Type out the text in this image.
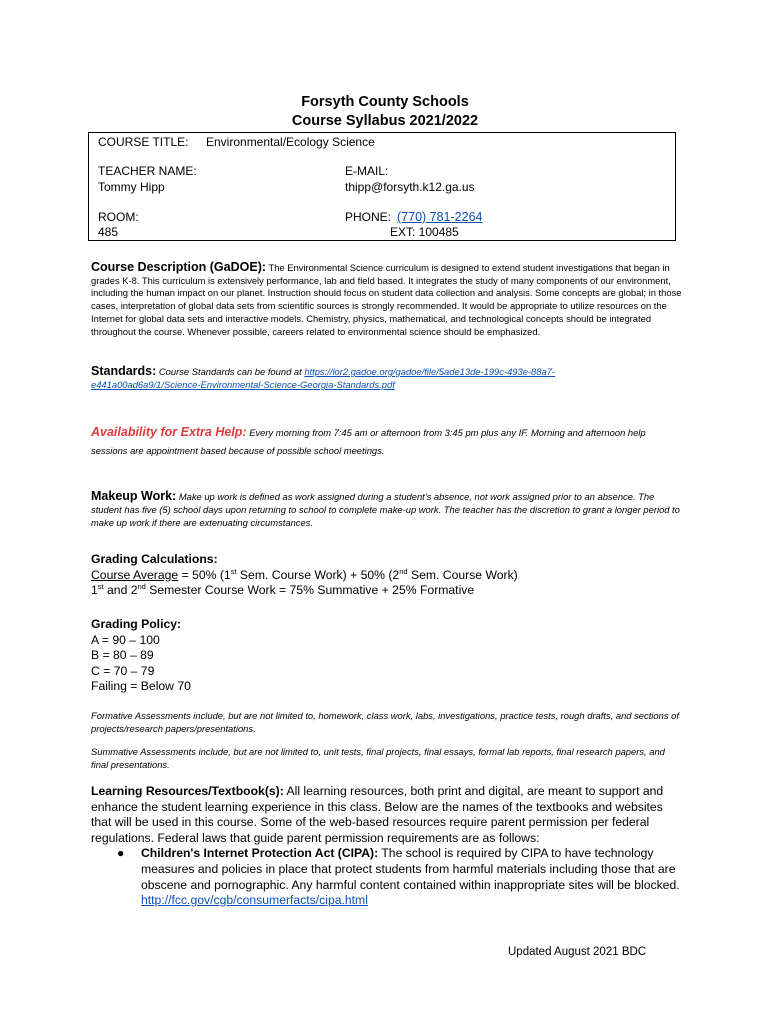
Forsyth County Schools
Course Syllabus 2021/2022
COURSE TITLE: Environmental/Ecology Science
TEACHER NAME:
Tommy Hipp
E-MAIL:
thipp@forsyth.k12.ga.us
ROOM:
485
PHONE: (770) 781-2264
EXT: 100485
Course Description (GaDOE): The Environmental Science curriculum is designed to extend student investigations that began in grades K-8. This curriculum is extensively performance, lab and field based. It integrates the study of many components of our environment, including the human impact on our planet. Instruction should focus on student data collection and analysis. Some concepts are global; in those cases, interpretation of global data sets from scientific sources is strongly recommended. It would be appropriate to utilize resources on the Internet for global data sets and interactive models. Chemistry, physics, mathematical, and technological concepts should be integrated throughout the course. Whenever possible, careers related to environmental science should be emphasized.
Standards: Course Standards can be found at https://lor2.gadoe.org/gadoe/file/5ade13de-199c-493e-88a7-
e441a00ad6a9/1/Science-Environmental-Science-Georgia-Standards.pdf
Availability for Extra Help: Every morning from 7:45 am or afternoon from 3:45 pm plus any IF. Morning and afternoon help sessions are appointment based because of possible school meetings.
Makeup Work: Make up work is defined as work assigned during a student's absence, not work assigned prior to an absence. The student has five (5) school days upon returning to school to complete make-up work. The teacher has the discretion to grant a longer period to make up work if there are extenuating circumstances.
Grading Calculations:
Course Average = 50% (1st Sem. Course Work) + 50% (2nd Sem. Course Work)
1st and 2nd Semester Course Work = 75% Summative + 25% Formative
Grading Policy:
A = 90 – 100
B = 80 – 89
C = 70 – 79
Failing = Below 70
Formative Assessments include, but are not limited to, homework, class work, labs, investigations, practice tests, rough drafts, and sections of projects/research papers/presentations.
Summative Assessments include, but are not limited to, unit tests, final projects, final essays, formal lab reports, final research papers, and final presentations.
Learning Resources/Textbook(s): All learning resources, both print and digital, are meant to support and enhance the student learning experience in this class. Below are the names of the textbooks and websites that will be used in this course. Some of the web-based resources require parent permission per federal regulations. Federal laws that guide parent permission requirements are as follows:
● Children's Internet Protection Act (CIPA): The school is required by CIPA to have technology measures and policies in place that protect students from harmful materials including those that are obscene and pornographic. Any harmful content contained within inappropriate sites will be blocked. http://fcc.gov/cgb/consumerfacts/cipa.html
Updated August 2021 BDC
